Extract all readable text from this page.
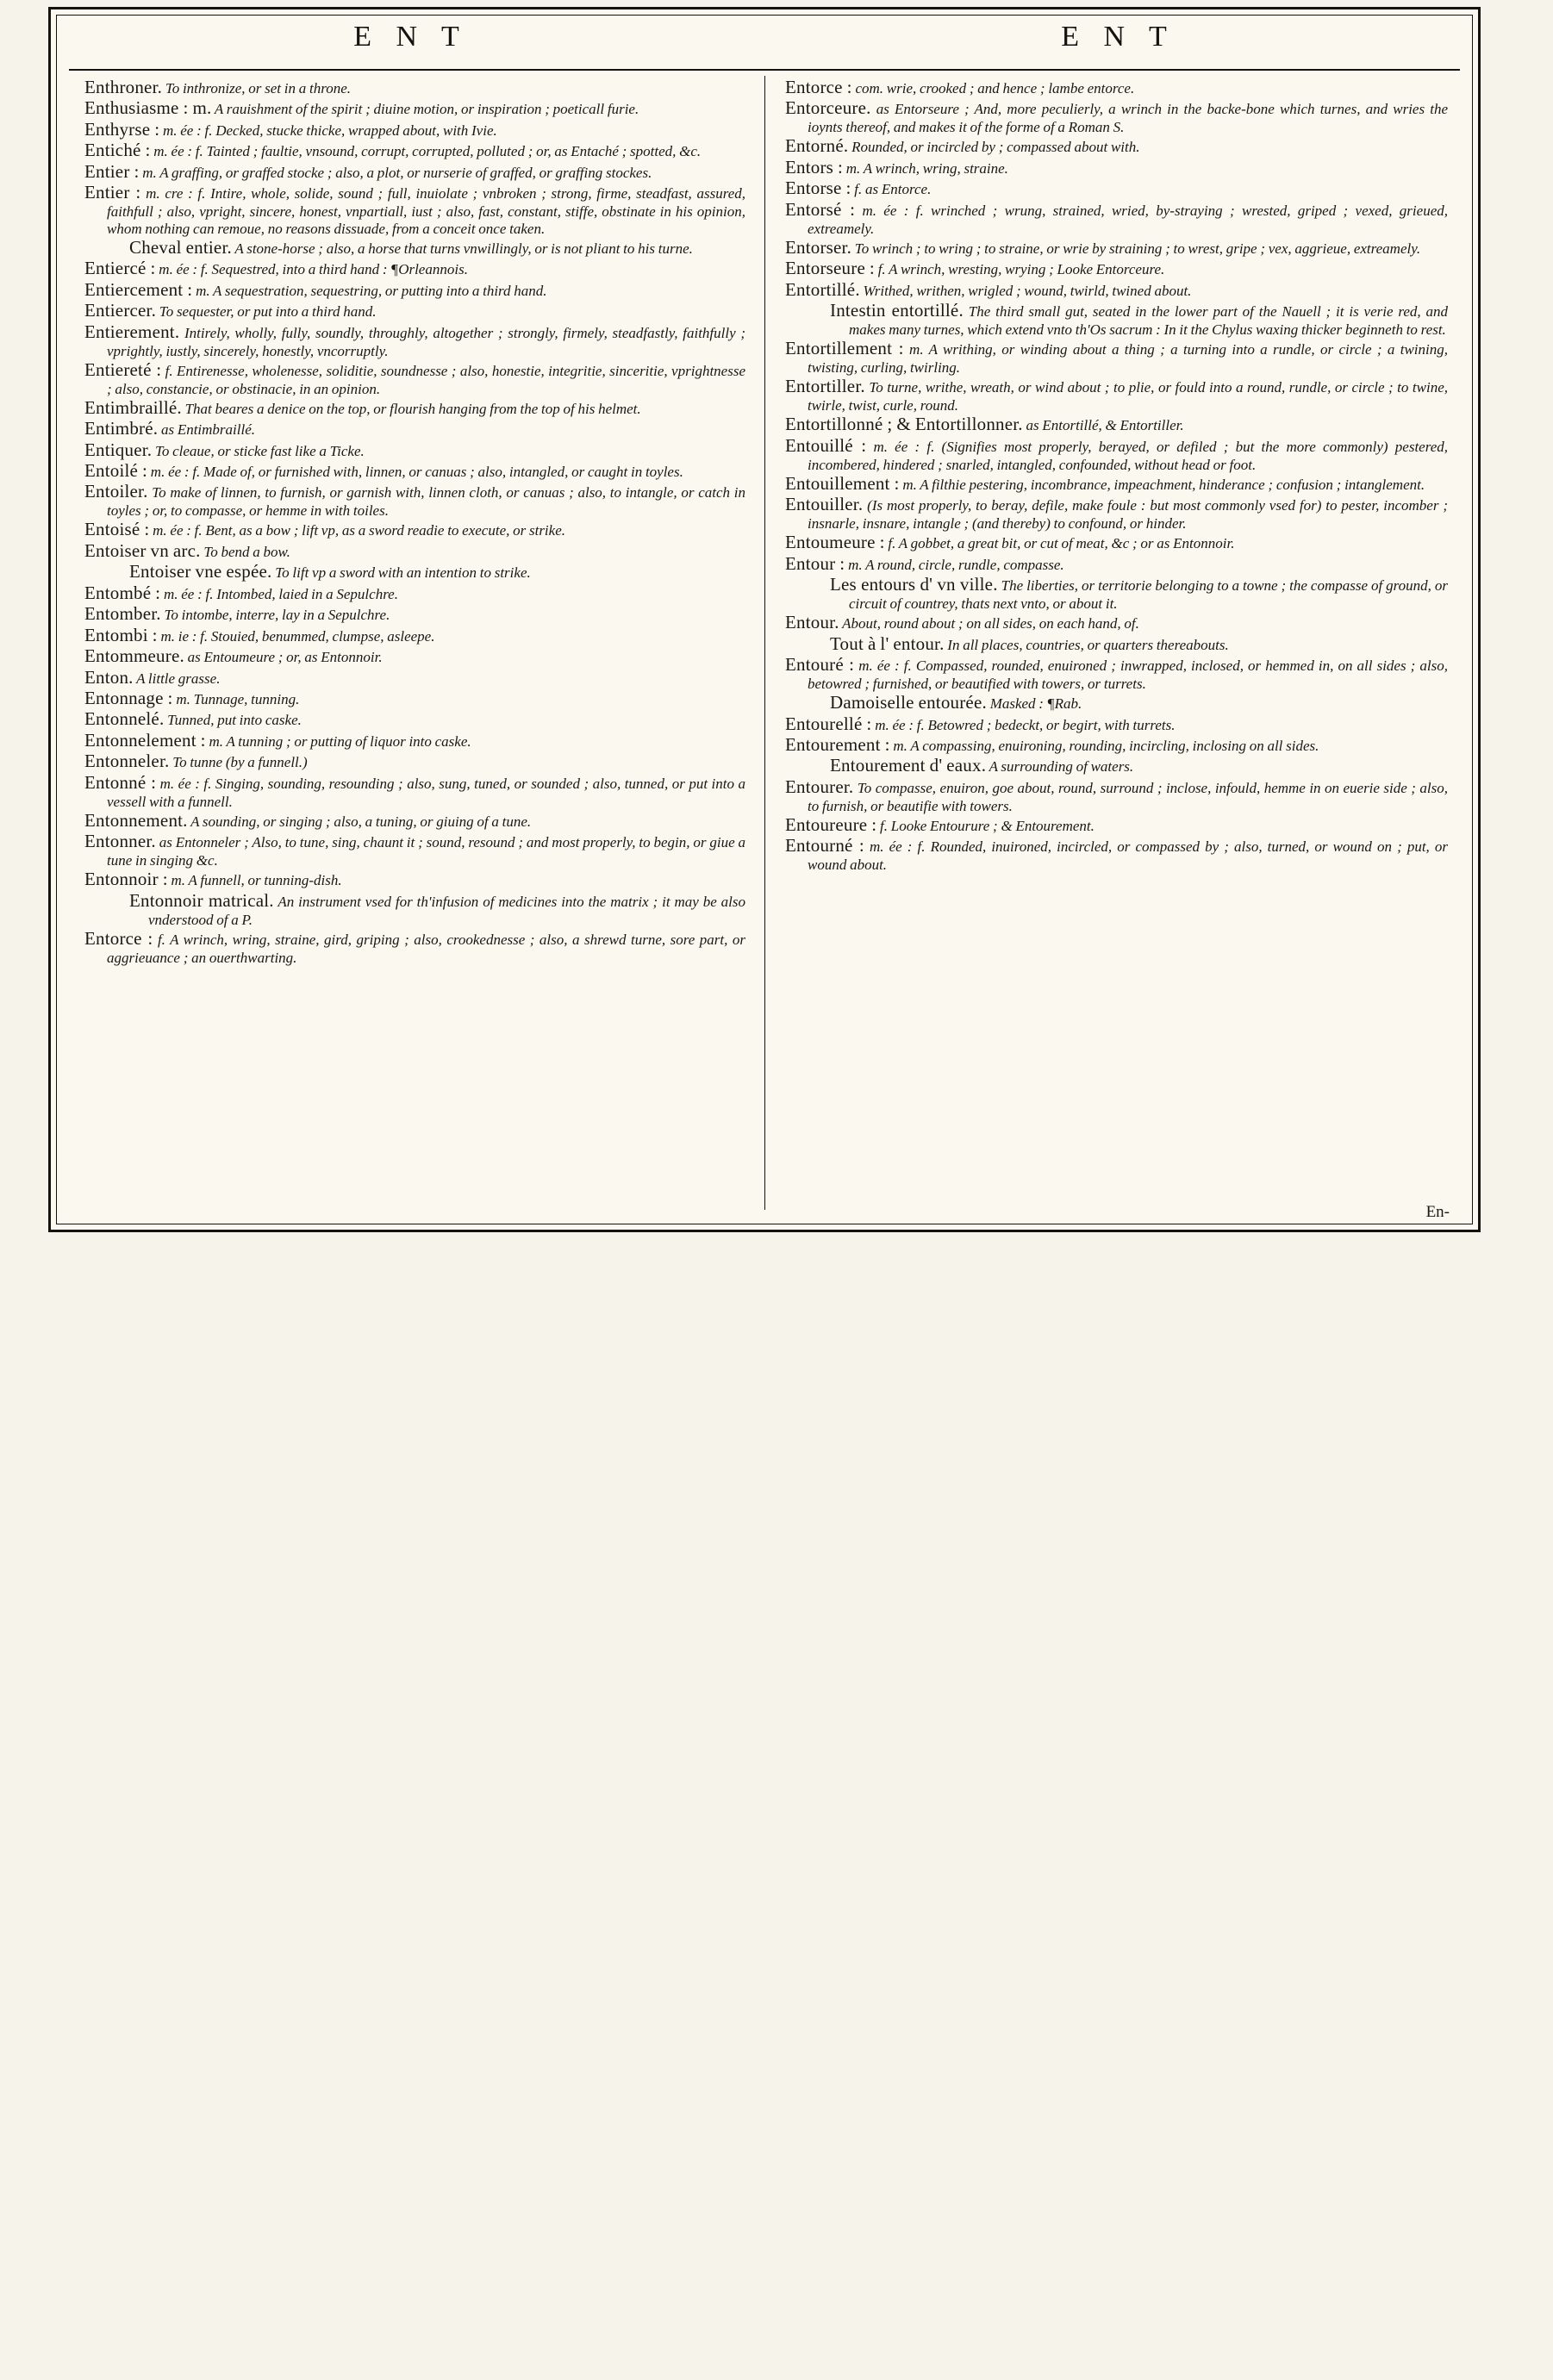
E N T	E N T

Enthroner. To inthronize, or set in a throne.

Enthusiasme : m. A rauishment of the spirit ; diuine motion, or inspiration ; poeticall furie.

Enthyrse : m. ée : f. Decked, stucke thicke, wrapped about, with Ivie.

Entiché : m. ée : f. Tainted ; faultie, vnsound, corrupt, corrupted, polluted ; or, as Entaché ; spotted, &c.

Entier : m. A graffing, or graffed stocke ; also, a plot, or nurserie of graffed, or graffing stockes.

Entier : m. cre : f. Intire, whole, solide, sound ; full, inuiolate ; vnbroken ; strong, firme, steadfast, assured, faithfull ; also, vpright, sincere, honest, vnpartiall, iust ; also, fast, constant, stiffe, obstinate in his opinion, whom nothing can remoue, no reasons dissuade, from a conceit once taken.

Cheval entier. A stone-horse ; also, a horse that turns vnwillingly, or is not pliant to his turne.

Entiercé : m. ée : f. Sequestred, into a third hand : ¶Orleannois.

Entiercement : m. A sequestration, sequestring, or putting into a third hand.

Entiercer. To sequester, or put into a third hand.

Entierement. Intirely, wholly, fully, soundly, throughly, altogether ; strongly, firmely, steadfastly, faithfully ; vprightly, iustly, sincerely, honestly, vncorruptly.

Entiereté : f. Entirenesse, wholenesse, soliditie, soundnesse ; also, honestie, integritie, sinceritie, vprightnesse ; also, constancie, or obstinacie, in an opinion.

Entimbraillé. That beares a denice on the top, or flourish hanging from the top of his helmet.

Entimbré. as Entimbraillé.

Entiquer. To cleaue, or sticke fast like a Ticke.

Entoilé : m. ée : f. Made of, or furnished with, linnen, or canuas ; also, intangled, or caught in toyles.

Entoiler. To make of linnen, to furnish, or garnish with, linnen cloth, or canuas ; also, to intangle, or catch in toyles ; or, to compasse, or hemme in with toiles.

Entoisé : m. ée : f. Bent, as a bow ; lift vp, as a sword readie to execute, or strike.

Entoiser vn arc. To bend a bow.

Entoiser vne espée. To lift vp a sword with an intention to strike.

Entombé : m. ée : f. Intombed, laied in a Sepulchre.

Entomber. To intombe, interre, lay in a Sepulchre.

Entombi : m. ie : f. Stouied, benummed, clumpse, asleepe.

Entommeure. as Entoumeure ; or, as Entonnoir.

Enton. A little grasse.

Entonnage : m. Tunnage, tunning.

Entonnelé. Tunned, put into caske.

Entonnelement : m. A tunning ; or putting of liquor into caske.

Entonneler. To tunne (by a funnell.)

Entonné : m. ée : f. Singing, sounding, resounding ; also, sung, tuned, or sounded ; also, tunned, or put into a vessell with a funnell.

Entonnement. A sounding, or singing ; also, a tuning, or giuing of a tune.

Entonner. as Entonneler ; Also, to tune, sing, chaunt it ; sound, resound ; and most properly, to begin, or giue a tune in singing &c.

Entonnoir : m. A funnell, or tunning-dish.

Entonnoir matrical. An instrument vsed for th'infusion of medicines into the matrix ; it may be also vnderstood of a P.

Entorce : f. A wrinch, wring, straine, gird, griping ; also, crookednesse ; also, a shrewd turne, sore part, or aggrieuance ; an ouerthwarting.

Entorce : com. wrie, crooked ; and hence ; lambe entorce.

Entorceure. as Entorseure ; And, more peculierly, a wrinch in the backe-bone which turnes, and wries the ioynts thereof, and makes it of the forme of a Roman S.

Entorné. Rounded, or incircled by ; compassed about with.

Entors : m. A wrinch, wring, straine.

Entorse : f. as Entorce.

Entorsé : m. ée : f. wrinched ; wrung, strained, wried, by-straying ; wrested, griped ; vexed, grieued, extreamely.

Entorser. To wrinch ; to wring ; to straine, or wrie by straining ; to wrest, gripe ; vex, aggrieue, extreamely.

Entorseure : f. A wrinch, wresting, wrying ; Looke Entorceure.

Entortillé. Writhed, writhen, wrigled ; wound, twirld, twined about.

Intestin entortillé. The third small gut, seated in the lower part of the Nauell ; it is verie red, and makes many turnes, which extend vnto th'Os sacrum : In it the Chylus waxing thicker beginneth to rest.

Entortillement : m. A writhing, or winding about a thing ; a turning into a rundle, or circle ; a twining, twisting, curling, twirling.

Entortiller. To turne, writhe, wreath, or wind about ; to plie, or fould into a round, rundle, or circle ; to twine, twirle, twist, curle, round.

Entortillonné ; & Entortillonner. as Entortillé, & Entortiller.

Entouillé : m. ée : f. (Signifies most properly, berayed, or defiled ; but the more commonly) pestered, incombered, hindered ; snarled, intangled, confounded, without head or foot.

Entouillement : m. A filthie pestering, incombrance, impeachment, hinderance ; confusion ; intanglement.

Entouiller. (Is most properly, to beray, defile, make foule : but most commonly vsed for) to pester, incomber ; insnarle, insnare, intangle ; (and thereby) to confound, or hinder.

Entoumeure : f. A gobbet, a great bit, or cut of meat, &c ; or as Entonnoir.

Entour : m. A round, circle, rundle, compasse.

Les entours d' vn ville. The liberties, or territorie belonging to a towne ; the compasse of ground, or circuit of countrey, thats next vnto, or about it.

Entour. About, round about ; on all sides, on each hand, of.

Tout à l' entour. In all places, countries, or quarters thereabouts.

Entouré : m. ée : f. Compassed, rounded, enuironed ; inwrapped, inclosed, or hemmed in, on all sides ; also, betowred ; furnished, or beautified with towers, or turrets.

Damoiselle entourée. Masked : ¶Rab.

Entourellé : m. ée : f. Betowred ; bedeckt, or begirt, with turrets.

Entourement : m. A compassing, enuironing, rounding, incircling, inclosing on all sides.

Entourement d' eaux. A surrounding of waters.

Entourer. To compasse, enuiron, goe about, round, surround ; inclose, infould, hemme in on euerie side ; also, to furnish, or beautifie with towers.

Entoureure : f. Looke Entourure ; & Entourement.

Entourné : m. ée : f. Rounded, inuironed, incircled, or compassed by ; also, turned, or wound on ; put, or wound about.

En-
